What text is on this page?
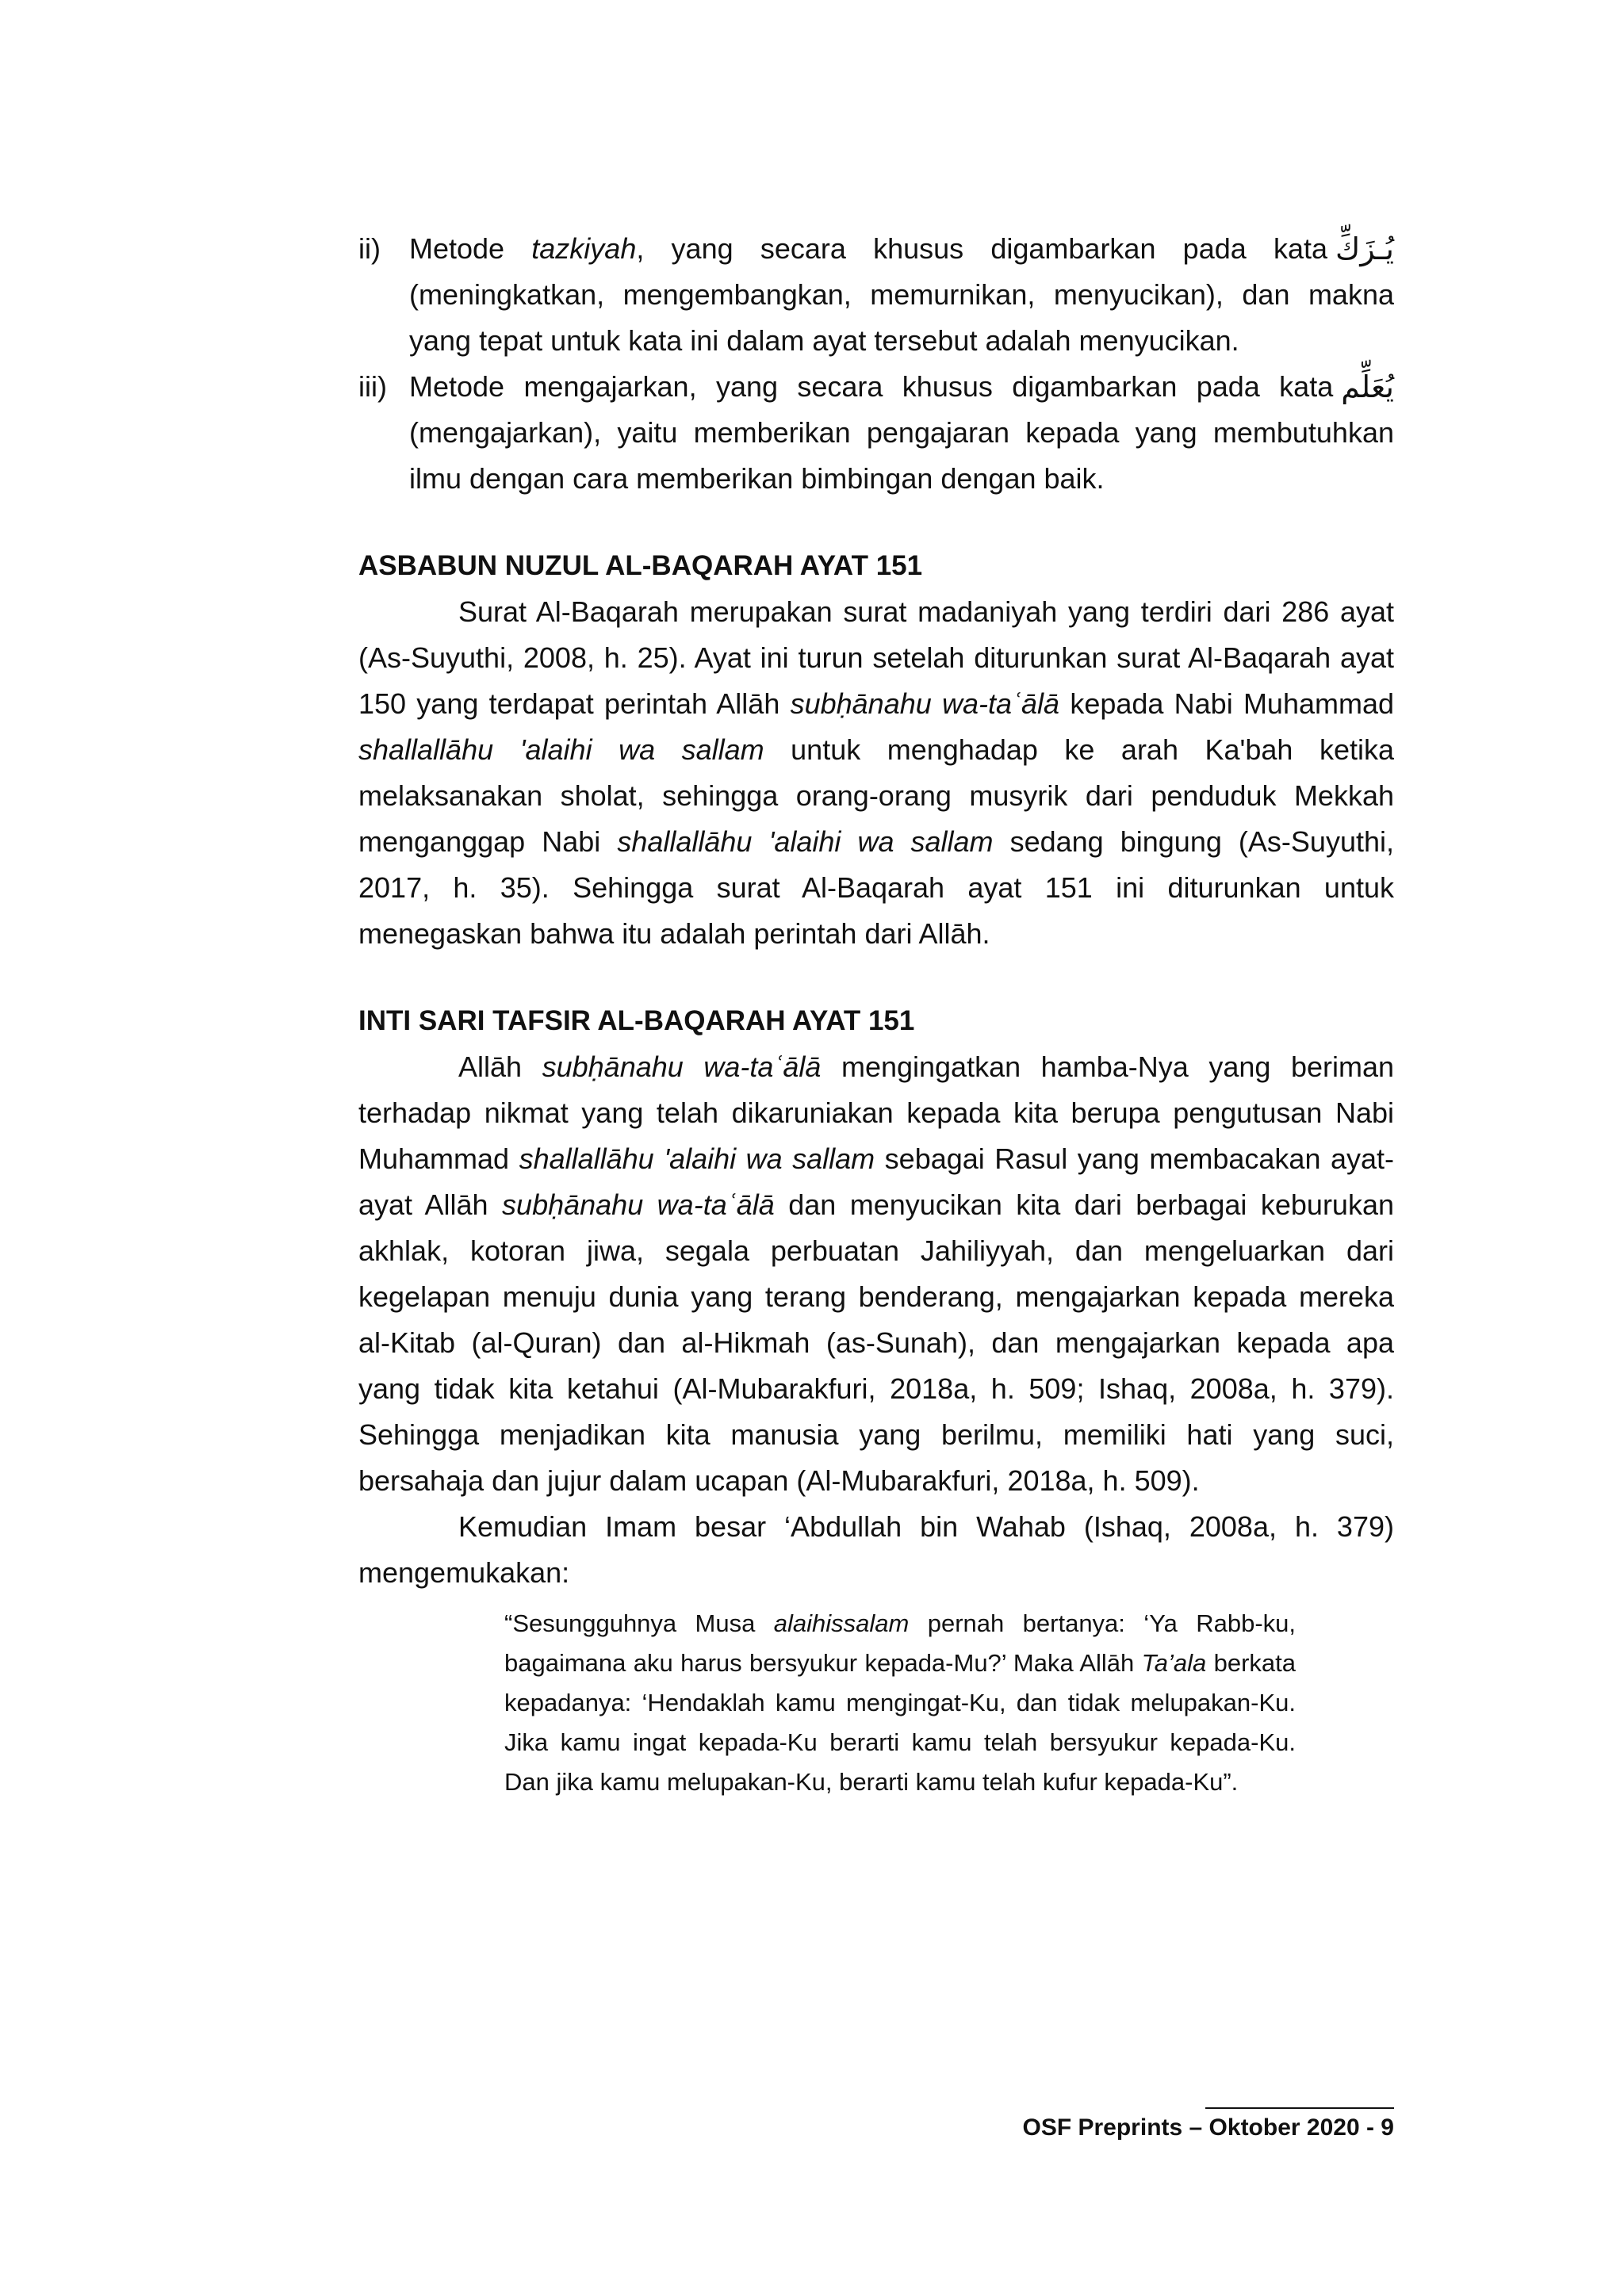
ii)	يُـزَكِّ
Metode tazkiyah, yang secara khusus digambarkan pada kata (meningkatkan, mengembangkan, memurnikan, menyucikan), dan makna yang tepat untuk kata ini dalam ayat tersebut adalah menyucikan.
iii)	يُعَلِّم
Metode mengajarkan, yang secara khusus digambarkan pada kata (mengajarkan), yaitu memberikan pengajaran kepada yang membutuhkan ilmu dengan cara memberikan bimbingan dengan baik.
ASBABUN NUZUL AL-BAQARAH AYAT 151

Surat Al-Baqarah merupakan surat madaniyah yang terdiri dari 286 ayat (As-Suyuthi, 2008, h. 25). Ayat ini turun setelah diturunkan surat Al-Baqarah ayat 150 yang terdapat perintah Allāh subḥānahu wa-taʿālā kepada Nabi Muhammad shallallāhu 'alaihi wa sallam untuk menghadap ke arah Ka'bah ketika melaksanakan sholat, sehingga orang-orang musyrik dari penduduk Mekkah menganggap Nabi shallallāhu 'alaihi wa sallam sedang bingung (As-Suyuthi, 2017, h. 35). Sehingga surat Al-Baqarah ayat 151 ini diturunkan untuk menegaskan bahwa itu adalah perintah dari Allāh.

INTI SARI TAFSIR AL-BAQARAH AYAT 151

Allāh subḥānahu wa-taʿālā mengingatkan hamba-Nya yang beriman terhadap nikmat yang telah dikaruniakan kepada kita berupa pengutusan Nabi Muhammad shallallāhu 'alaihi wa sallam sebagai Rasul yang membacakan ayat-ayat Allāh subḥānahu wa-taʿālā dan menyucikan kita dari berbagai keburukan akhlak, kotoran jiwa, segala perbuatan Jahiliyyah, dan mengeluarkan dari kegelapan menuju dunia yang terang benderang, mengajarkan kepada mereka al-Kitab (al-Quran) dan al-Hikmah (as-Sunah), dan mengajarkan kepada apa yang tidak kita ketahui (Al-Mubarakfuri, 2018a, h. 509; Ishaq, 2008a, h. 379). Sehingga menjadikan kita manusia yang berilmu, memiliki hati yang suci, bersahaja dan jujur dalam ucapan (Al-Mubarakfuri, 2018a, h. 509).

Kemudian Imam besar ‘Abdullah bin Wahab (Ishaq, 2008a, h. 379) mengemukakan:

“Sesungguhnya Musa alaihissalam pernah bertanya: ‘Ya Rabb-ku, bagaimana aku harus bersyukur kepada-Mu?’ Maka Allāh Ta’ala berkata kepadanya: ‘Hendaklah kamu mengingat-Ku, dan tidak melupakan-Ku. Jika kamu ingat kepada-Ku berarti kamu telah bersyukur kepada-Ku. Dan jika kamu melupakan-Ku, berarti kamu telah kufur kepada-Ku”.
OSF Preprints – Oktober 2020 - 9
